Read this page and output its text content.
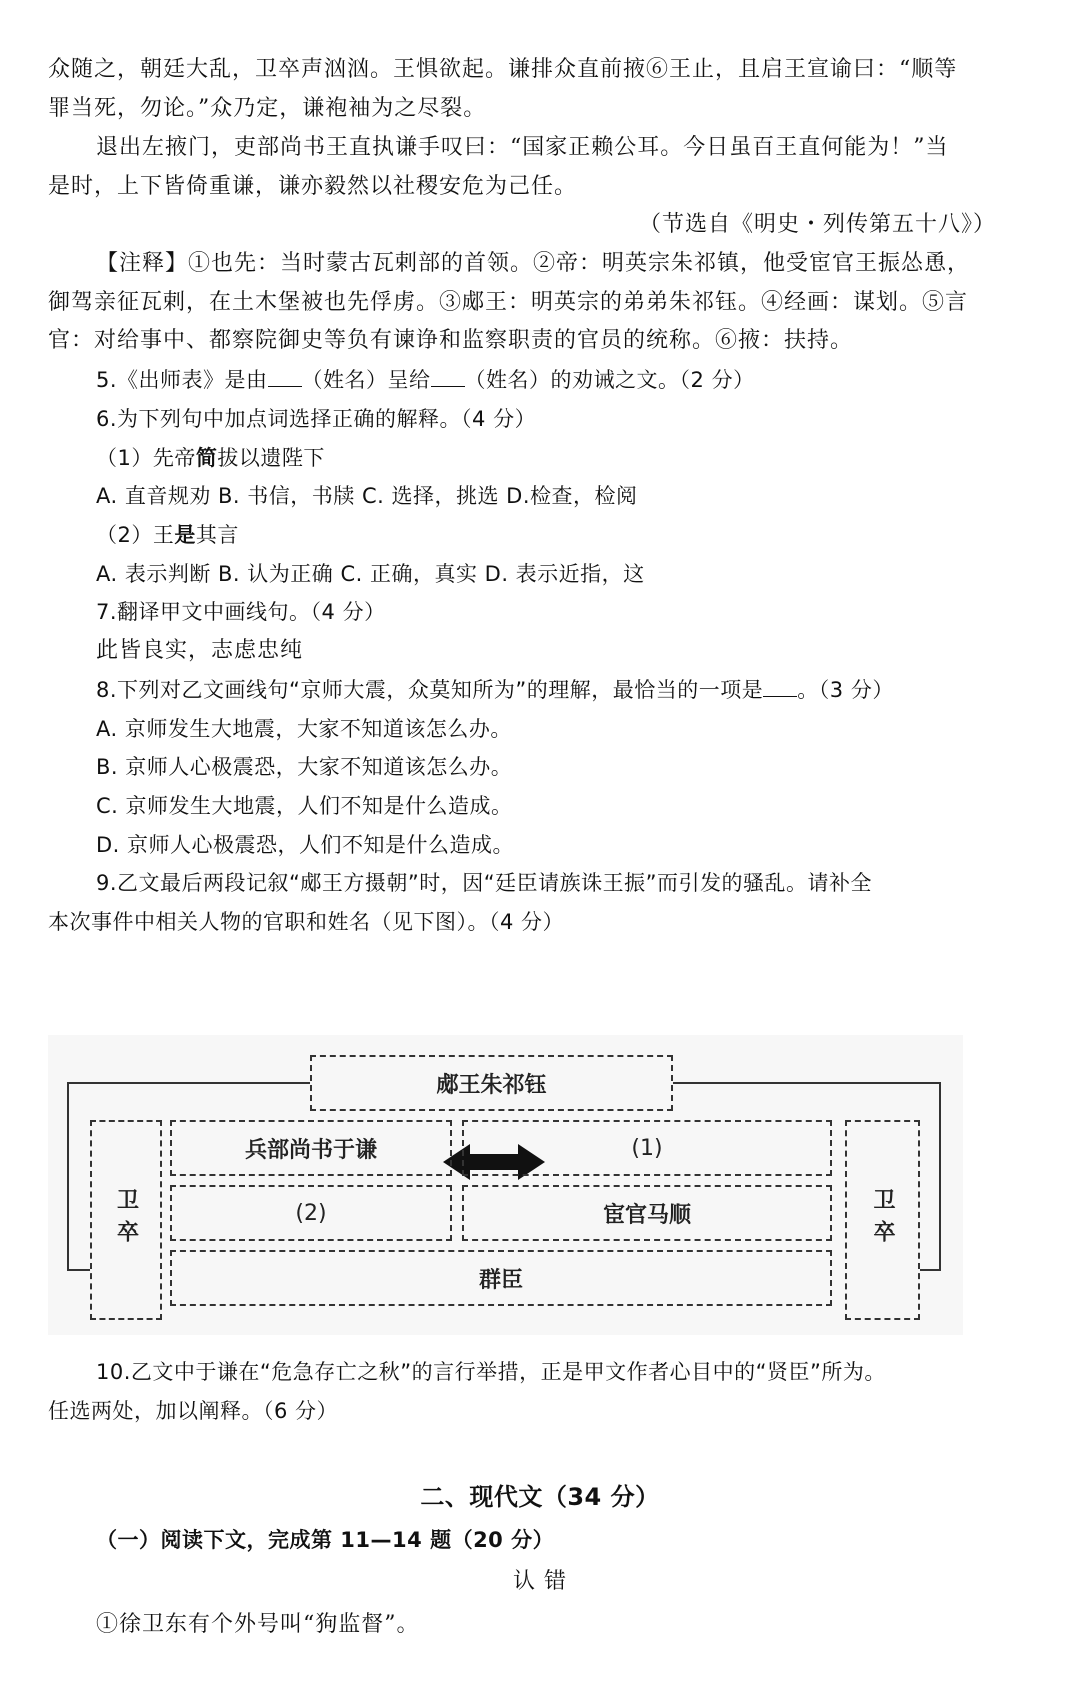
众随之，朝廷大乱，卫卒声汹汹。王惧欲起。谦排众直前掖⑥王止，且启王宣谕曰：“顺等
罪当死，勿论。”众乃定，谦袍袖为之尽裂。
退出左掖门，吏部尚书王直执谦手叹曰：“国家正赖公耳。今日虽百王直何能为！”当
是时，上下皆倚重谦，谦亦毅然以社稷安危为己任。
（节选自《明史・列传第五十八》）
【注释】①也先：当时蒙古瓦剌部的首领。②帝：明英宗朱祁镇，他受宦官王振怂恿，
御驾亲征瓦剌，在土木堡被也先俘虏。③郕王：明英宗的弟弟朱祁钰。④经画：谋划。⑤言
官：对给事中、都察院御史等负有谏诤和监察职责的官员的统称。⑥掖：扶持。
5.《出师表》是由 （姓名）呈给 （姓名）的劝诫之文。（2 分）
6.为下列句中加点词选择正确的解释。（4 分）
（1）先帝简拔以遗陛下
A. 直音规劝 B. 书信，书牍 C. 选择，挑选 D.检查，检阅
（2）王是其言
A. 表示判断 B. 认为正确 C. 正确，真实 D. 表示近指，这
7.翻译甲文中画线句。（4 分）
此皆良实，志虑忠纯
8.下列对乙文画线句“京师大震，众莫知所为”的理解，最恰当的一项是 。（3 分）
A. 京师发生大地震，大家不知道该怎么办。
B. 京师人心极震恐，大家不知道该怎么办。
C. 京师发生大地震，人们不知是什么造成。
D. 京师人心极震恐，人们不知是什么造成。
9.乙文最后两段记叙“郕王方摄朝”时，因“廷臣请族诛王振”而引发的骚乱。请补全
本次事件中相关人物的官职和姓名（见下图）。（4 分）
郕王朱祁钰
卫卒	卫卒
兵部尚书于谦	(1)
(2)	宦官马顺
群臣
10.乙文中于谦在“危急存亡之秋”的言行举措，正是甲文作者心目中的“贤臣”所为。
任选两处，加以阐释。（6 分）
二、现代文（34 分）
（一）阅读下文，完成第 11—14 题（20 分）
认 错
①徐卫东有个外号叫“狗监督”。
